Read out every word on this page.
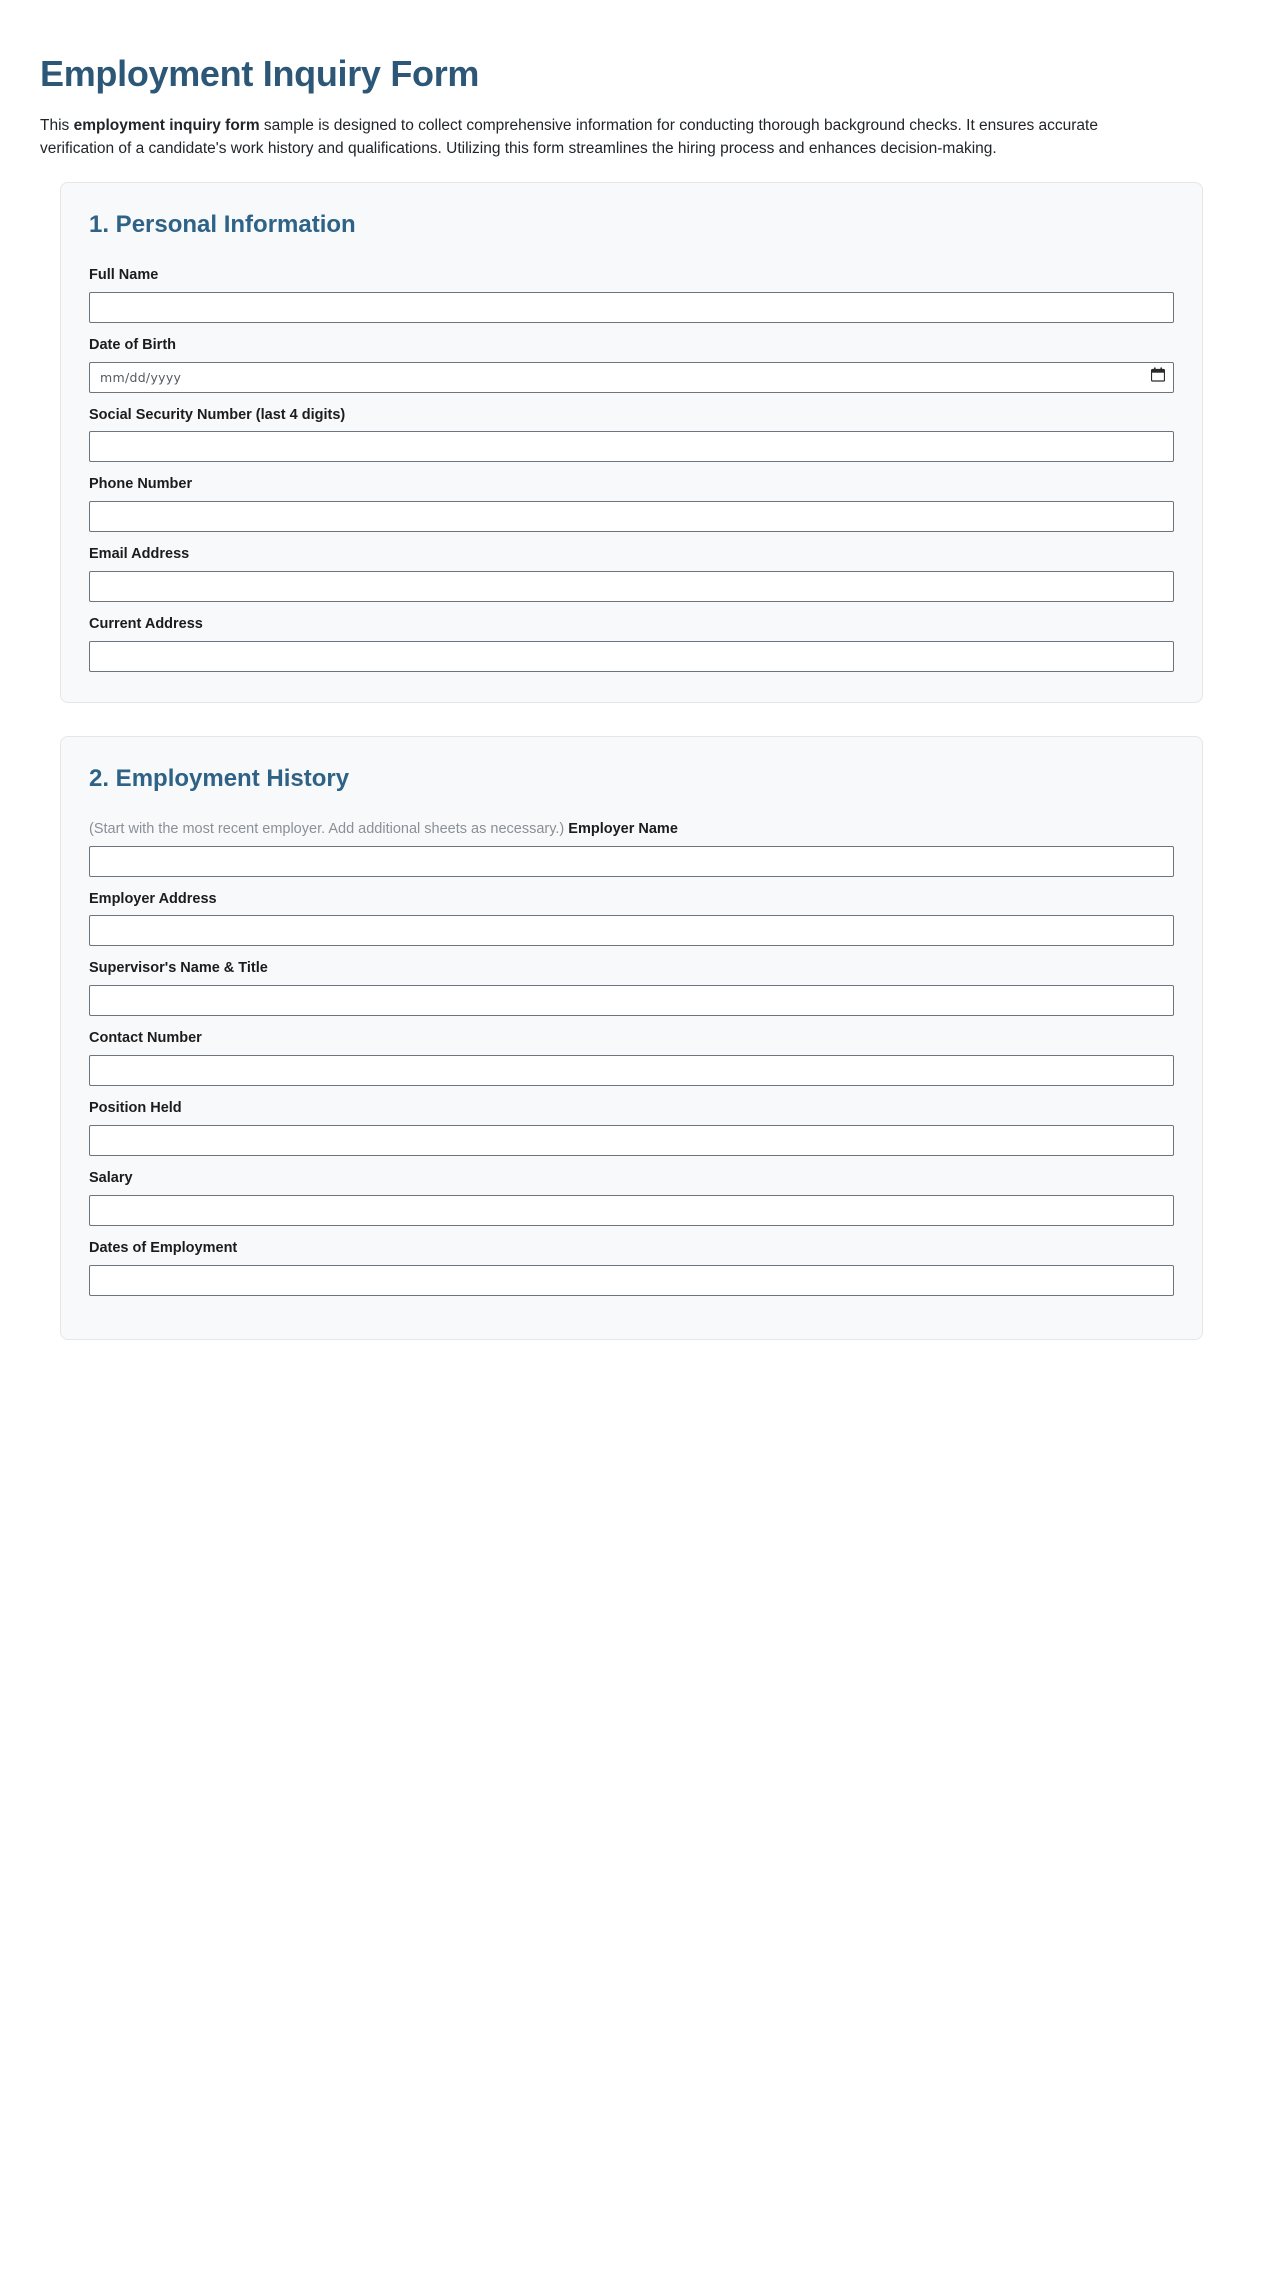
Employment Inquiry Form

This employment inquiry form sample is designed to collect comprehensive information for conducting thorough background checks. It ensures accurate verification of a candidate's work history and qualifications. Utilizing this form streamlines the hiring process and enhances decision-making.

1. Personal Information
Full Name
Date of Birth
mm/dd/yyyy
Social Security Number (last 4 digits)
Phone Number
Email Address
Current Address
2. Employment History
(Start with the most recent employer. Add additional sheets as necessary.) Employer Name
Employer Address
Supervisor's Name & Title
Contact Number
Position Held
Salary
Dates of Employment
